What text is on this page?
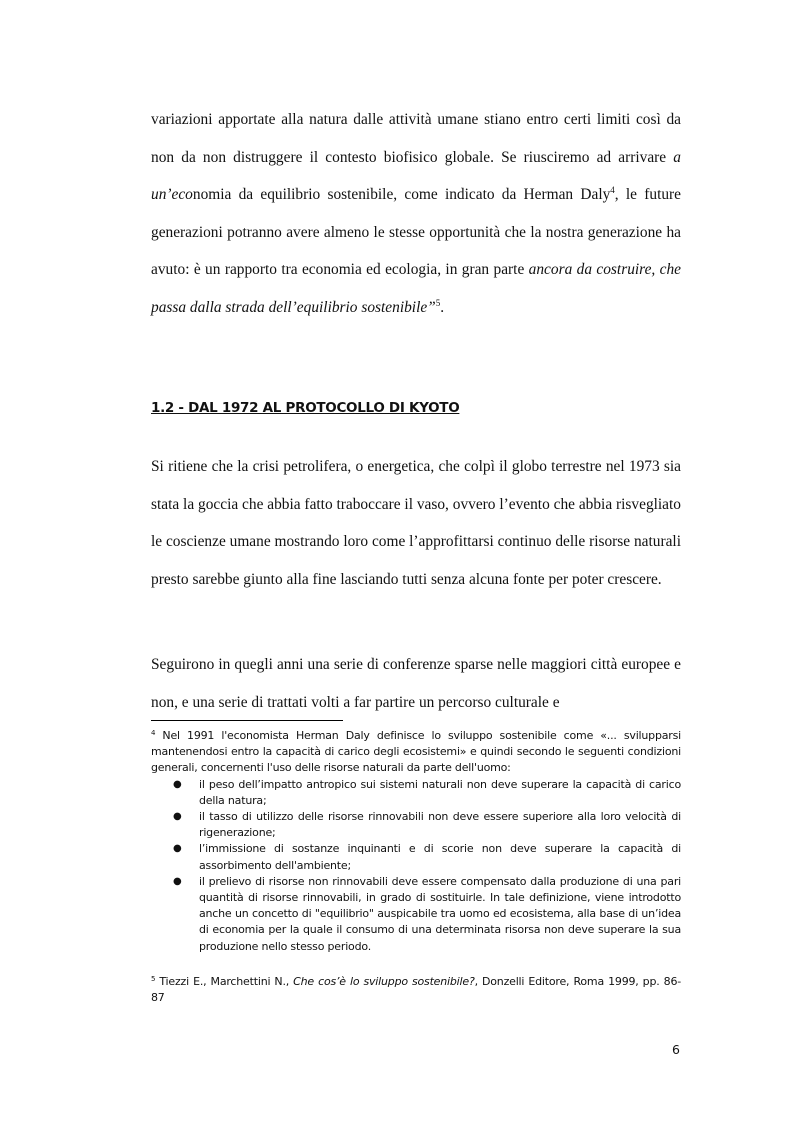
variazioni apportate alla natura dalle attività umane stiano entro certi limiti così da non da non distruggere il contesto biofisico globale. Se riusciremo ad arrivare a un’economia da equilibrio sostenibile, come indicato da Herman Daly$^4$, le future generazioni potranno avere almeno le stesse opportunità che la nostra generazione ha avuto: è un rapporto tra economia ed ecologia, in gran parte ancora da costruire, che passa dalla strada dell’equilibrio sostenibile”$^5$.

1.2 - DAL 1972 AL PROTOCOLLO DI KYOTO

Si ritiene che la crisi petrolifera, o energetica, che colpì il globo terrestre nel 1973 sia stata la goccia che abbia fatto traboccare il vaso, ovvero l’evento che abbia risvegliato le coscienze umane mostrando loro come l’approfittarsi continuo delle risorse naturali presto sarebbe giunto alla fine lasciando tutti senza alcuna fonte per poter crescere.

Seguirono in quegli anni una serie di conferenze sparse nelle maggiori città europee e non, e una serie di trattati volti a far partire un percorso culturale e

$^4$ Nel 1991 l'economista Herman Daly definisce lo sviluppo sostenibile come «... svilupparsi mantenendosi entro la capacità di carico degli ecosistemi» e quindi secondo le seguenti condizioni generali, concernenti l'uso delle risorse naturali da parte dell'uomo:
● il peso dell’impatto antropico sui sistemi naturali non deve superare la capacità di carico della natura;
● il tasso di utilizzo delle risorse rinnovabili non deve essere superiore alla loro velocità di rigenerazione;
● l’immissione di sostanze inquinanti e di scorie non deve superare la capacità di assorbimento dell'ambiente;
● il prelievo di risorse non rinnovabili deve essere compensato dalla produzione di una pari quantità di risorse rinnovabili, in grado di sostituirle. In tale definizione, viene introdotto anche un concetto di "equilibrio" auspicabile tra uomo ed ecosistema, alla base di un’idea di economia per la quale il consumo di una determinata risorsa non deve superare la sua produzione nello stesso periodo.
$^5$ Tiezzi E., Marchettini N., Che cos’è lo sviluppo sostenibile?, Donzelli Editore, Roma 1999, pp. 86-87
6
